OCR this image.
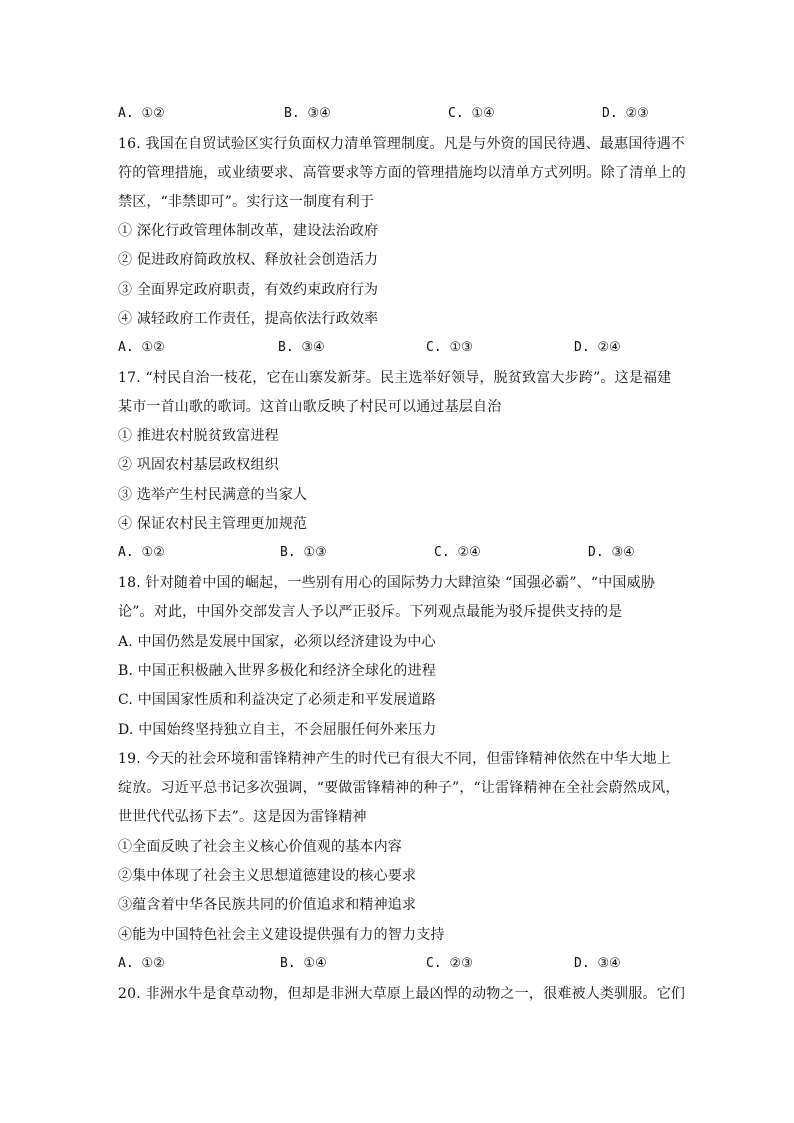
A. ①②	B. ③④	C. ①④	D. ②③
16. 我国在自贸试验区实行负面权力清单管理制度。凡是与外资的国民待遇、最惠国待遇不
符的管理措施，或业绩要求、高管要求等方面的管理措施均以清单方式列明。除了清单上的
禁区，“非禁即可”。实行这一制度有利于
① 深化行政管理体制改革，建设法治政府
② 促进政府简政放权、释放社会创造活力
③ 全面界定政府职责，有效约束政府行为
④ 减轻政府工作责任，提高依法行政效率
A. ①②	B. ③④	C. ①③	D. ②④
17. “村民自治一枝花，它在山寨发新芽。民主选举好领导，脱贫致富大步跨”。这是福建
某市一首山歌的歌词。这首山歌反映了村民可以通过基层自治
① 推进农村脱贫致富进程
② 巩固农村基层政权组织
③ 选举产生村民满意的当家人
④ 保证农村民主管理更加规范
A. ①②	B. ①③	C. ②④	D. ③④
18. 针对随着中国的崛起，一些别有用心的国际势力大肆渲染 “国强必霸”、“中国威胁
论”。对此，中国外交部发言人予以严正驳斥。下列观点最能为驳斥提供支持的是
A. 中国仍然是发展中国家，必须以经济建设为中心
B. 中国正积极融入世界多极化和经济全球化的进程
C. 中国国家性质和利益决定了必须走和平发展道路
D. 中国始终坚持独立自主，不会屈服任何外来压力
19. 今天的社会环境和雷锋精神产生的时代已有很大不同，但雷锋精神依然在中华大地上
绽放。习近平总书记多次强调，“要做雷锋精神的种子”，“让雷锋精神在全社会蔚然成风，
世世代代弘扬下去”。这是因为雷锋精神
①全面反映了社会主义核心价值观的基本内容
②集中体现了社会主义思想道德建设的核心要求
③蕴含着中华各民族共同的价值追求和精神追求
④能为中国特色社会主义建设提供强有力的智力支持
A. ①②	B. ①④	C. ②③	D. ③④
20. 非洲水牛是食草动物，但却是非洲大草原上最凶悍的动物之一，很难被人类驯服。它们
